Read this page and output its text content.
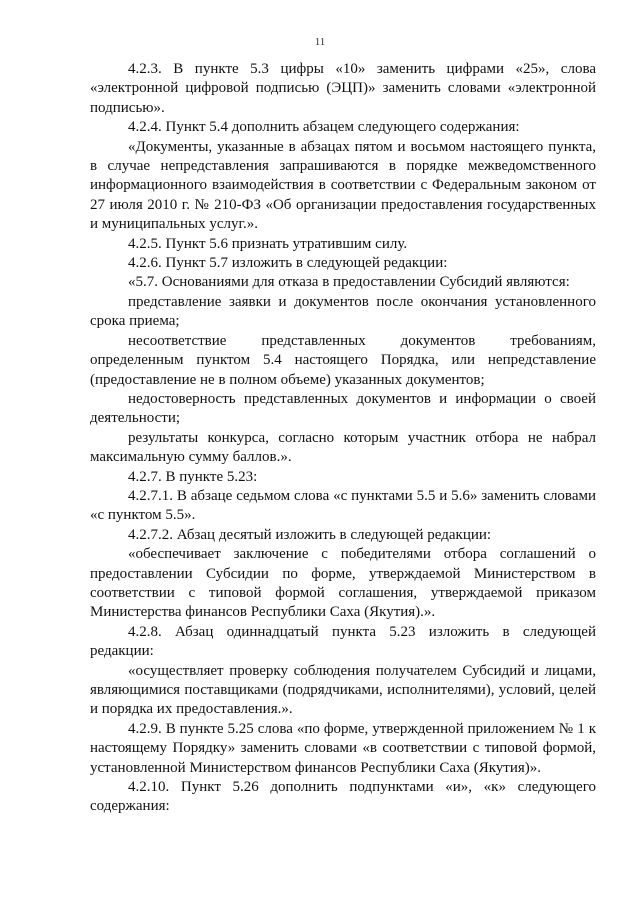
11

4.2.3. В пункте 5.3 цифры «10» заменить цифрами «25», слова «электронной цифровой подписью (ЭЦП)» заменить словами «электронной подписью».

4.2.4. Пункт 5.4 дополнить абзацем следующего содержания:

«Документы, указанные в абзацах пятом и восьмом настоящего пункта, в случае непредставления запрашиваются в порядке межведомственного информационного взаимодействия в соответствии с Федеральным законом от 27 июля 2010 г. № 210-ФЗ «Об организации предоставления государственных и муниципальных услуг.».

4.2.5. Пункт 5.6 признать утратившим силу.

4.2.6. Пункт 5.7 изложить в следующей редакции:

«5.7. Основаниями для отказа в предоставлении Субсидий являются:

представление заявки и документов после окончания установленного срока приема;

несоответствие представленных документов требованиям, определенным пунктом 5.4 настоящего Порядка, или непредставление (предоставление не в полном объеме) указанных документов;

недостоверность представленных документов и информации о своей деятельности;

результаты конкурса, согласно которым участник отбора не набрал максимальную сумму баллов.».

4.2.7. В пункте 5.23:

4.2.7.1. В абзаце седьмом слова «с пунктами 5.5 и 5.6» заменить словами «с пунктом 5.5».

4.2.7.2. Абзац десятый изложить в следующей редакции:

«обеспечивает заключение с победителями отбора соглашений о предоставлении Субсидии по форме, утверждаемой Министерством в соответствии с типовой формой соглашения, утверждаемой приказом Министерства финансов Республики Саха (Якутия).».

4.2.8. Абзац одиннадцатый пункта 5.23 изложить в следующей редакции:

«осуществляет проверку соблюдения получателем Субсидий и лицами, являющимися поставщиками (подрядчиками, исполнителями), условий, целей и порядка их предоставления.».

4.2.9. В пункте 5.25 слова «по форме, утвержденной приложением № 1 к настоящему Порядку» заменить словами «в соответствии с типовой формой, установленной Министерством финансов Республики Саха (Якутия)».

4.2.10. Пункт 5.26 дополнить подпунктами «и», «к» следующего содержания:
